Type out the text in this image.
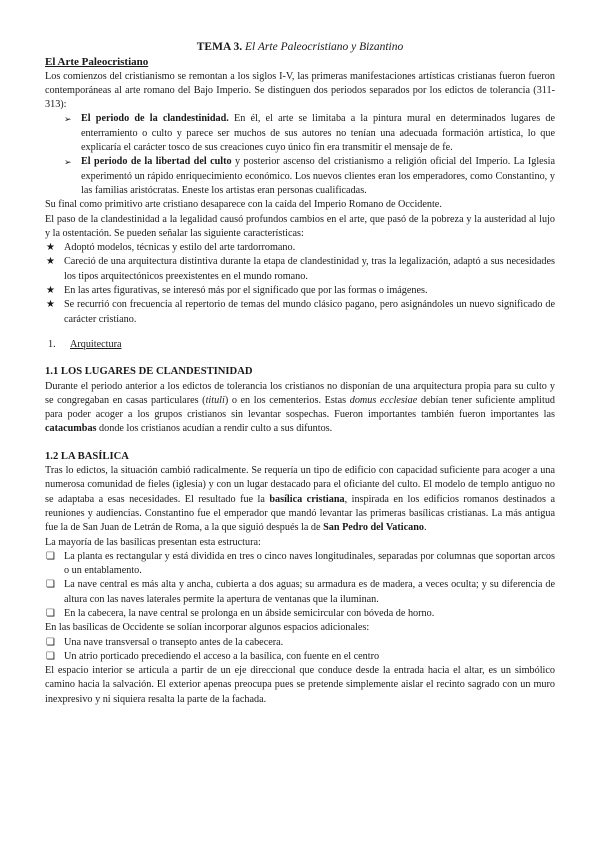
TEMA 3. El Arte Paleocristiano y Bizantino
El Arte Paleocristiano

Los comienzos del cristianismo se remontan a los siglos I-V, las primeras manifestaciones artísticas cristianas fueron fueron contemporáneas al arte romano del Bajo Imperio. Se distinguen dos periodos separados por los edictos de tolerancia (311-313):

➢ El periodo de la clandestinidad. En él, el arte se limitaba a la pintura mural en determinados lugares de enterramiento o culto y parece ser muchos de sus autores no tenían una adecuada formación artística, lo que explicaría el carácter tosco de sus creaciones cuyo único fin era transmitir el mensaje de fe.
➢ El periodo de la libertad del culto y posterior ascenso del cristianismo a religión oficial del Imperio. La Iglesia experimentó un rápido enriquecimiento económico. Los nuevos clientes eran los emperadores, como Constantino, y las familias aristócratas. Eneste los artistas eran personas cualificadas.

Su final como primitivo arte cristiano desaparece con la caída del Imperio Romano de Occidente.

El paso de la clandestinidad a la legalidad causó profundos cambios en el arte, que pasó de la pobreza y la austeridad al lujo y la ostentación. Se pueden señalar las siguiente características:

★ Adoptó modelos, técnicas y estilo del arte tardorromano.
★ Careció de una arquitectura distintiva durante la etapa de clandestinidad y, tras la legalización, adaptó a sus necesidades los tipos arquitectónicos preexistentes en el mundo romano.
★ En las artes figurativas, se interesó más por el significado que por las formas o imágenes.
★ Se recurrió con frecuencia al repertorio de temas del mundo clásico pagano, pero asignándoles un nuevo significado de carácter cristiano.
1. Arquitectura
1.1 LOS LUGARES DE CLANDESTINIDAD

Durante el periodo anterior a los edictos de tolerancia los cristianos no disponían de una arquitectura propia para su culto y se congregaban en casas particulares (tituli) o en los cementerios. Estas domus ecclesiae debían tener suficiente amplitud para poder acoger a los grupos cristianos sin levantar sospechas. Fueron importantes también fueron importantes las catacumbas donde los cristianos acudían a rendir culto a sus difuntos.

1.2 LA BASÍLICA

Tras lo edictos, la situación cambió radicalmente. Se requería un tipo de edificio con capacidad suficiente para acoger a una numerosa comunidad de fieles (iglesia) y con un lugar destacado para el oficiante del culto. El modelo de templo antiguo no se adaptaba a esas necesidades. El resultado fue la basílica cristiana, inspirada en los edificios romanos destinados a reuniones y audiencias. Constantino fue el emperador que mandó levantar las primeras basílicas cristianas. La más antigua fue la de San Juan de Letrán de Roma, a la que siguió después la de San Pedro del Vaticano.

La mayoría de las basílicas presentan esta estructura:

❏ La planta es rectangular y está dividida en tres o cinco naves longitudinales, separadas por columnas que soportan arcos o un entablamento.
❏ La nave central es más alta y ancha, cubierta a dos aguas; su armadura es de madera, a veces oculta; y su diferencia de altura con las naves laterales permite la apertura de ventanas que la iluminan.
❏ En la cabecera, la nave central se prolonga en un ábside semicircular con bóveda de horno.

En las basílicas de Occidente se solían incorporar algunos espacios adicionales:

❏ Una nave transversal o transepto antes de la cabecera.
❏ Un atrio porticado precediendo el acceso a la basílica, con fuente en el centro

El espacio interior se articula a partir de un eje direccional que conduce desde la entrada hacia el altar, es un simbólico camino hacia la salvación. El exterior apenas preocupa pues se pretende simplemente aislar el recinto sagrado con un muro inexpresivo y ni siquiera resalta la parte de la fachada.
